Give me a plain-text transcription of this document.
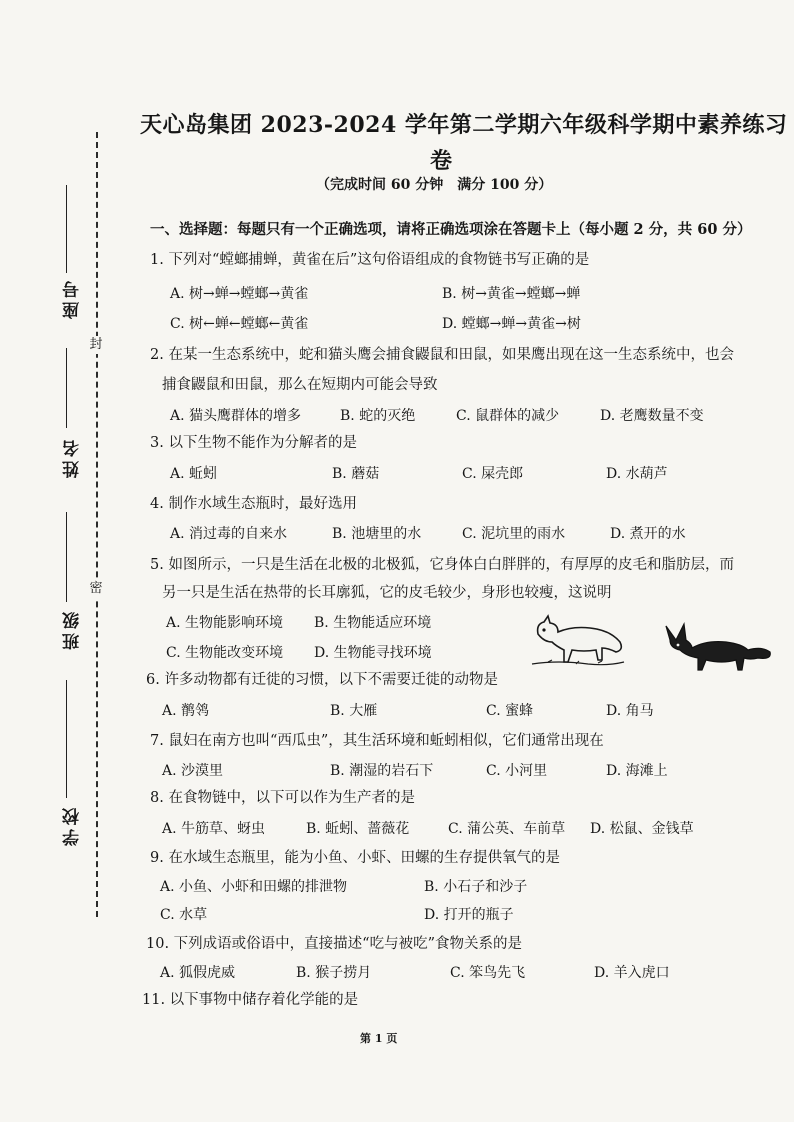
封
密
座号
姓名
班级
学校
天心岛集团 2023-2024 学年第二学期六年级科学期中素养练习
卷
（完成时间 60 分钟　满分 100 分）
一、选择题：每题只有一个正确选项，请将正确选项涂在答题卡上（每小题 2 分，共 60 分）
1. 下列对“螳螂捕蝉，黄雀在后”这句俗语组成的食物链书写正确的是
A. 树→蝉→螳螂→黄雀	B. 树→黄雀→螳螂→蝉
C. 树←蝉←螳螂←黄雀	D. 螳螂→蝉→黄雀→树
2. 在某一生态系统中，蛇和猫头鹰会捕食鼹鼠和田鼠，如果鹰出现在这一生态系统中，也会
捕食鼹鼠和田鼠，那么在短期内可能会导致
A. 猫头鹰群体的增多	B. 蛇的灭绝	C. 鼠群体的减少	D. 老鹰数量不变
3. 以下生物不能作为分解者的是
A. 蚯蚓	B. 蘑菇	C. 屎壳郎	D. 水葫芦
4. 制作水域生态瓶时，最好选用
A. 消过毒的自来水	B. 池塘里的水	C. 泥坑里的雨水	D. 煮开的水
5. 如图所示，一只是生活在北极的北极狐，它身体白白胖胖的，有厚厚的皮毛和脂肪层，而
另一只是生活在热带的长耳廓狐，它的皮毛较少，身形也较瘦，这说明
A. 生物能影响环境 B. 生物能适应环境
C. 生物能改变环境 D. 生物能寻找环境
6. 许多动物都有迁徙的习惯，以下不需要迁徙的动物是
A. 鹡鸰	B. 大雁	C. 蜜蜂	D. 角马
7. 鼠妇在南方也叫“西瓜虫”，其生活环境和蚯蚓相似，它们通常出现在
A. 沙漠里	B. 潮湿的岩石下	C. 小河里	D. 海滩上
8. 在食物链中，以下可以作为生产者的是
A. 牛筋草、蚜虫	B. 蚯蚓、蔷薇花	C. 蒲公英、车前草 D. 松鼠、金钱草
9. 在水域生态瓶里，能为小鱼、小虾、田螺的生存提供氧气的是
A. 小鱼、小虾和田螺的排泄物	B. 小石子和沙子
C. 水草	D. 打开的瓶子
10. 下列成语或俗语中，直接描述“吃与被吃”食物关系的是
A. 狐假虎威	B. 猴子捞月	C. 笨鸟先飞	D. 羊入虎口
11. 以下事物中储存着化学能的是
第 1 页
